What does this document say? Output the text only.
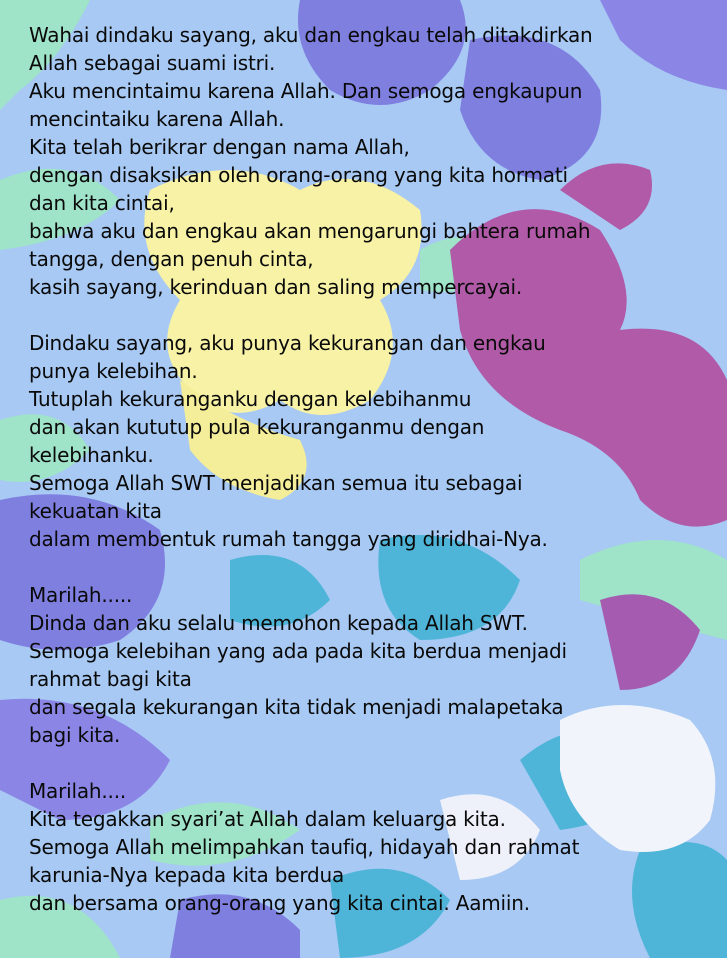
Wahai dindaku sayang, aku dan engkau telah ditakdirkan
Allah sebagai suami istri.
Aku mencintaimu karena Allah. Dan semoga engkaupun
mencintaiku karena Allah.
Kita telah berikrar dengan nama Allah,
dengan disaksikan oleh orang-orang yang kita hormati
dan kita cintai,
bahwa aku dan engkau akan mengarungi bahtera rumah
tangga, dengan penuh cinta,
kasih sayang, kerinduan dan saling mempercayai.
Dindaku sayang, aku punya kekurangan dan engkau
punya kelebihan.
Tutuplah kekuranganku dengan kelebihanmu
dan akan kututup pula kekuranganmu dengan
kelebihanku.
Semoga Allah SWT menjadikan semua itu sebagai
kekuatan kita
dalam membentuk rumah tangga yang diridhai-Nya.
Marilah.....
Dinda dan aku selalu memohon kepada Allah SWT.
Semoga kelebihan yang ada pada kita berdua menjadi
rahmat bagi kita
dan segala kekurangan kita tidak menjadi malapetaka
bagi kita.
Marilah....
Kita tegakkan syari’at Allah dalam keluarga kita.
Semoga Allah melimpahkan taufiq, hidayah dan rahmat
karunia-Nya kepada kita berdua
dan bersama orang-orang yang kita cintai. Aamiin.
